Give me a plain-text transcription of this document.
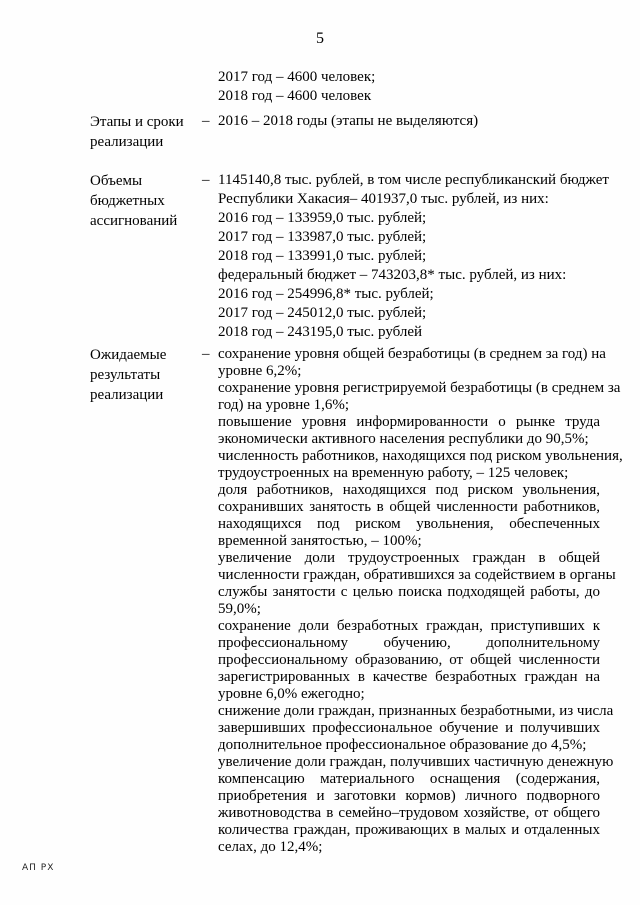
5
2017 год – 4600 человек;
2018 год – 4600 человек
Этапы и сроки
реализации
– 2016 – 2018 годы (этапы не выделяются)
Объемы
бюджетных
ассигнований
– 1145140,8 тыс. рублей, в том числе республиканский бюджет
Республики Хакасия– 401937,0 тыс. рублей, из них:
2016 год – 133959,0 тыс. рублей;
2017 год – 133987,0 тыс. рублей;
2018 год – 133991,0 тыс. рублей;
федеральный бюджет – 743203,8* тыс. рублей, из них:
2016 год – 254996,8* тыс. рублей;
2017 год – 245012,0 тыс. рублей;
2018 год – 243195,0 тыс. рублей
Ожидаемые
результаты
реализации
– сохранение уровня общей безработицы (в среднем за год) на
уровне 6,2%;
сохранение уровня регистрируемой безработицы (в среднем за
год) на уровне 1,6%;
повышение уровня информированности о рынке труда
экономически активного населения республики до 90,5%;
численность работников, находящихся под риском увольнения,
трудоустроенных на временную работу, – 125 человек;
доля работников, находящихся под риском увольнения,
сохранивших занятость в общей численности работников,
находящихся под риском увольнения, обеспеченных
временной занятостью, – 100%;
увеличение доли трудоустроенных граждан в общей
численности граждан, обратившихся за содействием в органы
службы занятости с целью поиска подходящей работы, до
59,0%;
сохранение доли безработных граждан, приступивших к
профессиональному обучению, дополнительному
профессиональному образованию, от общей численности
зарегистрированных в качестве безработных граждан на
уровне 6,0% ежегодно;
снижение доли граждан, признанных безработными, из числа
завершивших профессиональное обучение и получивших
дополнительное профессиональное образование до 4,5%;
увеличение доли граждан, получивших частичную денежную
компенсацию материального оснащения (содержания,
приобретения и заготовки кормов) личного подворного
животноводства в семейно–трудовом хозяйстве, от общего
количества граждан, проживающих в малых и отдаленных
селах, до 12,4%;
АП РХ
